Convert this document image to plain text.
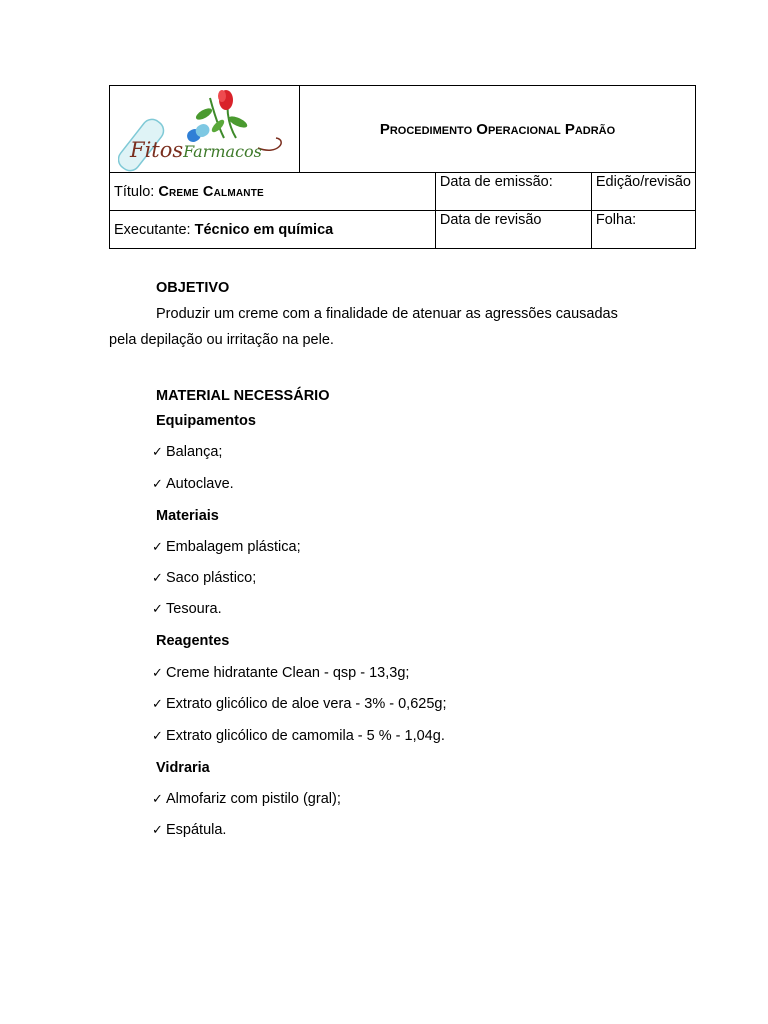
FitosFarmacos	Procedimento Operacional Padrão		
Título: Creme Calmante		Data de emissão:	Edição/revisão
Executante: Técnico em química		Data de revisão	Folha:
OBJETIVO
Produzir um creme com a finalidade de atenuar as agressões causadas
pela depilação ou irritação na pele.
MATERIAL NECESSÁRIO
Equipamentos
✓ Balança;
✓ Autoclave.
Materiais
✓ Embalagem plástica;
✓ Saco plástico;
✓ Tesoura.
Reagentes
✓ Creme hidratante Clean - qsp - 13,3g;
✓ Extrato glicólico de aloe vera - 3% - 0,625g;
✓ Extrato glicólico de camomila - 5 % - 1,04g.
Vidraria
✓ Almofariz com pistilo (gral);
✓ Espátula.
